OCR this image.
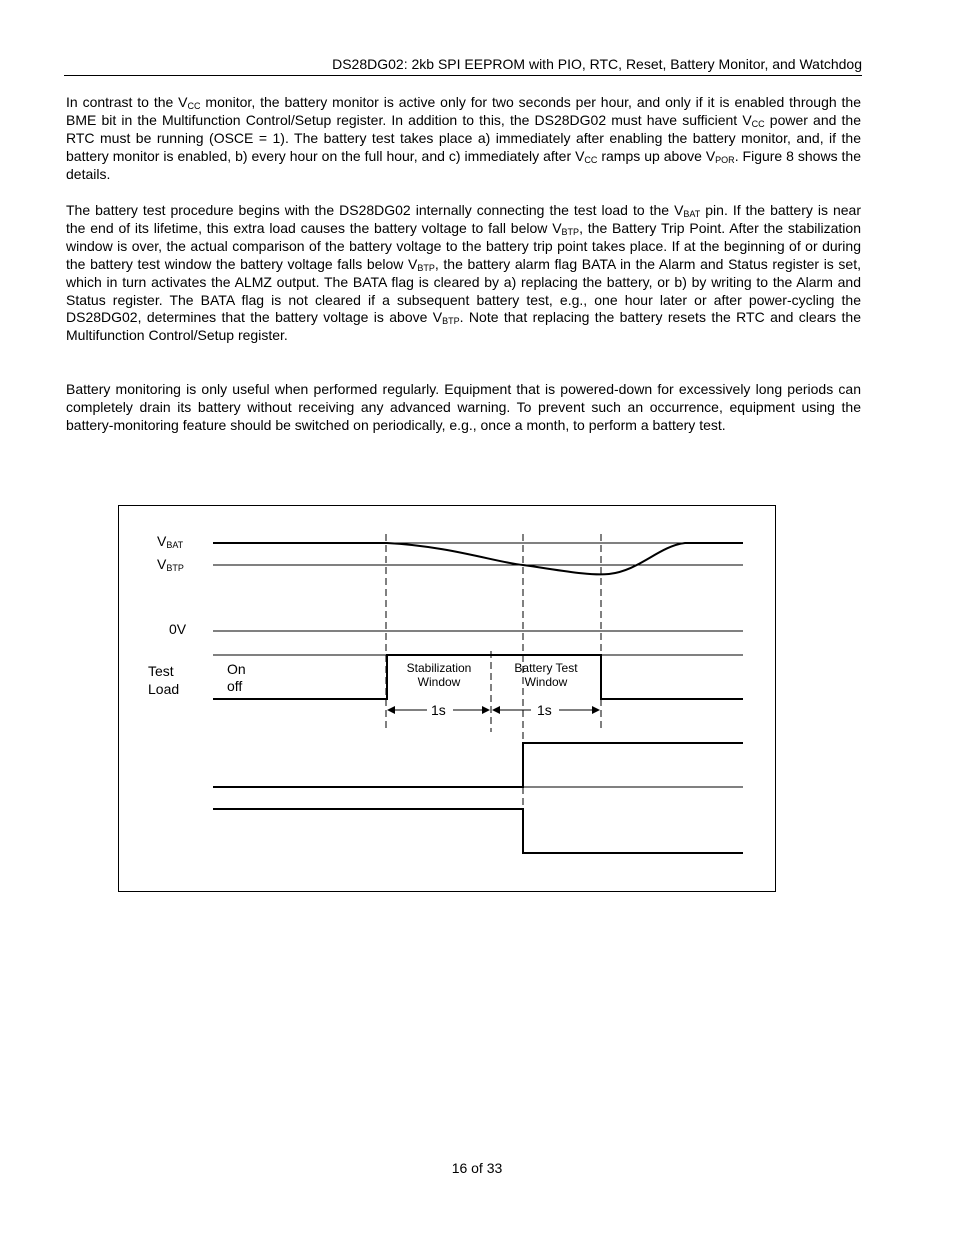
DS28DG02: 2kb SPI EEPROM with PIO, RTC, Reset, Battery Monitor, and Watchdog

In contrast to the $V_{CC}$ monitor, the battery monitor is active only for two seconds per hour, and only if it is enabled through the BME bit in the Multifunction Control/Setup register. In addition to this, the DS28DG02 must have sufficient $V_{CC}$ power and the RTC must be running (OSCE = 1). The battery test takes place a) immediately after enabling the battery monitor, and, if the battery monitor is enabled, b) every hour on the full hour, and c) immediately after $V_{CC}$ ramps up above $V_{POR}$. Figure 8 shows the details.

The battery test procedure begins with the DS28DG02 internally connecting the test load to the $V_{BAT}$ pin. If the battery is near the end of its lifetime, this extra load causes the battery voltage to fall below $V_{BTP}$, the Battery Trip Point. After the stabilization window is over, the actual comparison of the battery voltage to the battery trip point takes place. If at the beginning of or during the battery test window the battery voltage falls below $V_{BTP}$, the battery alarm flag BATA in the Alarm and Status register is set, which in turn activates the ALMZ output. The BATA flag is cleared by a) replacing the battery, or b) by writing to the Alarm and Status register. The BATA flag is not cleared if a subsequent battery test, e.g., one hour later or after power-cycling the DS28DG02, determines that the battery voltage is above $V_{BTP}$. Note that replacing the battery resets the RTC and clears the Multifunction Control/Setup register.

Battery monitoring is only useful when performed regularly. Equipment that is powered-down for excessively long periods can completely drain its battery without receiving any advanced warning. To prevent such an occurrence, equipment using the battery-monitoring feature should be switched on periodically, e.g., once a month, to perform a battery test.

$V_{BAT}$
$V_{BTP}$
0V
Test
Load
On
off
Stabilization
Window
Battery Test
Window
1s	1s
16 of 33
